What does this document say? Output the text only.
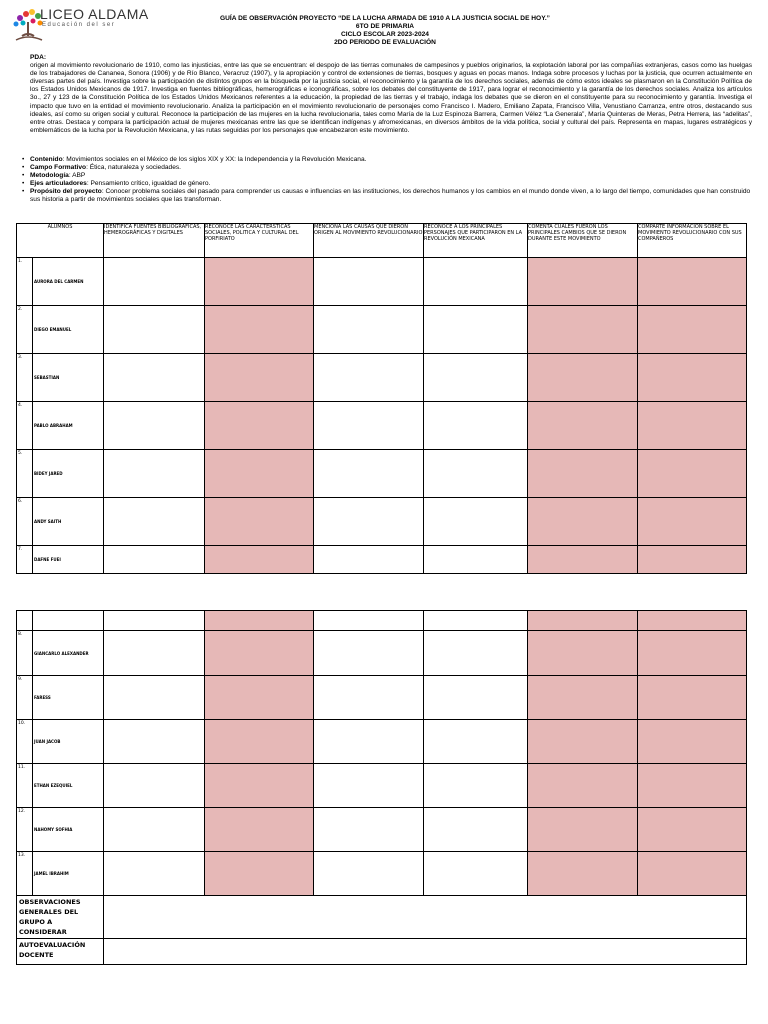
LICEO ALDAMA
Educación del ser
GUÍA DE OBSERVACIÓN PROYECTO “DE LA LUCHA ARMADA DE 1910 A LA JUSTICIA SOCIAL DE HOY.”
6TO DE PRIMARIA
CICLO ESCOLAR 2023-2024
2DO PERIODO DE EVALUACIÓN
PDA:
origen al movimiento revolucionario de 1910, como las injusticias, entre las que se encuentran: el despojo de las tierras comunales de campesinos y pueblos originarios, la explotación laboral por las compañías extranjeras, casos como las huelgas de los trabajadores de Cananea, Sonora (1906) y de Río Blanco, Veracruz (1907), y la apropiación y control de extensiones de tierras, bosques y aguas en pocas manos. Indaga sobre procesos y luchas por la justicia, que ocurren actualmente en diversas partes del país. Investiga sobre la participación de distintos grupos en la búsqueda por la justicia social, el reconocimiento y la garantía de los derechos sociales, además de cómo estos ideales se plasmaron en la Constitución Política de los Estados Unidos Mexicanos de 1917. Investiga en fuentes bibliográficas, hemerográficas e iconográficas, sobre los debates del constituyente de 1917, para lograr el reconocimiento y la garantía de los derechos sociales. Analiza los artículos 3o., 27 y 123 de la Constitución Política de los Estados Unidos Mexicanos referentes a la educación, la propiedad de las tierras y el trabajo, indaga los debates que se dieron en el constituyente para su reconocimiento y garantía. Investiga el impacto que tuvo en la entidad el movimiento revolucionario. Analiza la participación en el movimiento revolucionario de personajes como Francisco I. Madero, Emiliano Zapata, Francisco Villa, Venustiano Carranza, entre otros, destacando sus ideales, así como su origen social y cultural. Reconoce la participación de las mujeres en la lucha revolucionaria, tales como María de la Luz Espinoza Barrera, Carmen Vélez “La Generala”, María Quinteras de Meras, Petra Herrera, las “adelitas”, entre otras. Destaca y compara la participación actual de mujeres mexicanas entre las que se identifican indígenas y afromexicanas, en diversos ámbitos de la vida política, social y cultural del país. Representa en mapas, lugares estratégicos y emblemáticos de la lucha por la Revolución Mexicana, y las rutas seguidas por los personajes que encabezaron este movimiento.
• Contenido: Movimientos sociales en el México de los siglos XIX y XX: la Independencia y la Revolución Mexicana.
• Campo Formativo: Ética, naturaleza y sociedades.
• Metodología: ABP
• Ejes articuladores: Pensamiento crítico, igualdad de género.
• Propósito del proyecto: Conocer problema sociales del pasado para comprender us causas e influencias en las instituciones, los derechos humanos y los cambios en el mundo donde viven, a lo largo del tiempo, comunidades que han construido sus historia a partir de movimientos sociales que las transforman.
ALUMNOS		IDENTIFICA FUENTES BIBLIOGRÁFICAS, HEMEROGRÁFICAS Y DIGITALES	RECONOCE LAS CARACTERSTICAS SOCIALES, POLITICA Y CULTURAL DEL PORFIRIATO	MENCIONA LAS CAUSAS QUE DIERON ORIGEN AL MOVIMIENTO REVOLUCIONARIO	RECONOCE A LOS PRINCIPALES PERSONAJES QUE PARTICIPARON EN LA REVOLUCIÓN MEXICANA	COMENTA CUALES FUERON LOS PRINCIPALES CAMBIOS QUE SE DIERON DURANTE ESTE MOVIMIENTO	COMPARTE INFORMACIÓN SOBRE EL MOVIMIENTO REVOLUCIONARIO CON SUS COMPAÑEROS
1.	AURORA DEL CARMEN						
2.	DIEGO EMANUEL						
3.	SEBASTIAN						
4.	PABLO ABRAHAM						
5.	BIDEY JARED						
6.	ANDY SAITH						
7.	DAFNE FUEI						

8.	GIANCARLO ALEXANDER						
9.	FARESS						
10.	JUAN JACOB						
11.	ETHAN EZEQUIEL						
12.	NAHOMY SOFHIA						
13.	JAMEL IBRAHIM						
OBSERVACIONES GENERALES DEL GRUPO A CONSIDERAR							
AUTOEVALUACIÓN DOCENTE							
